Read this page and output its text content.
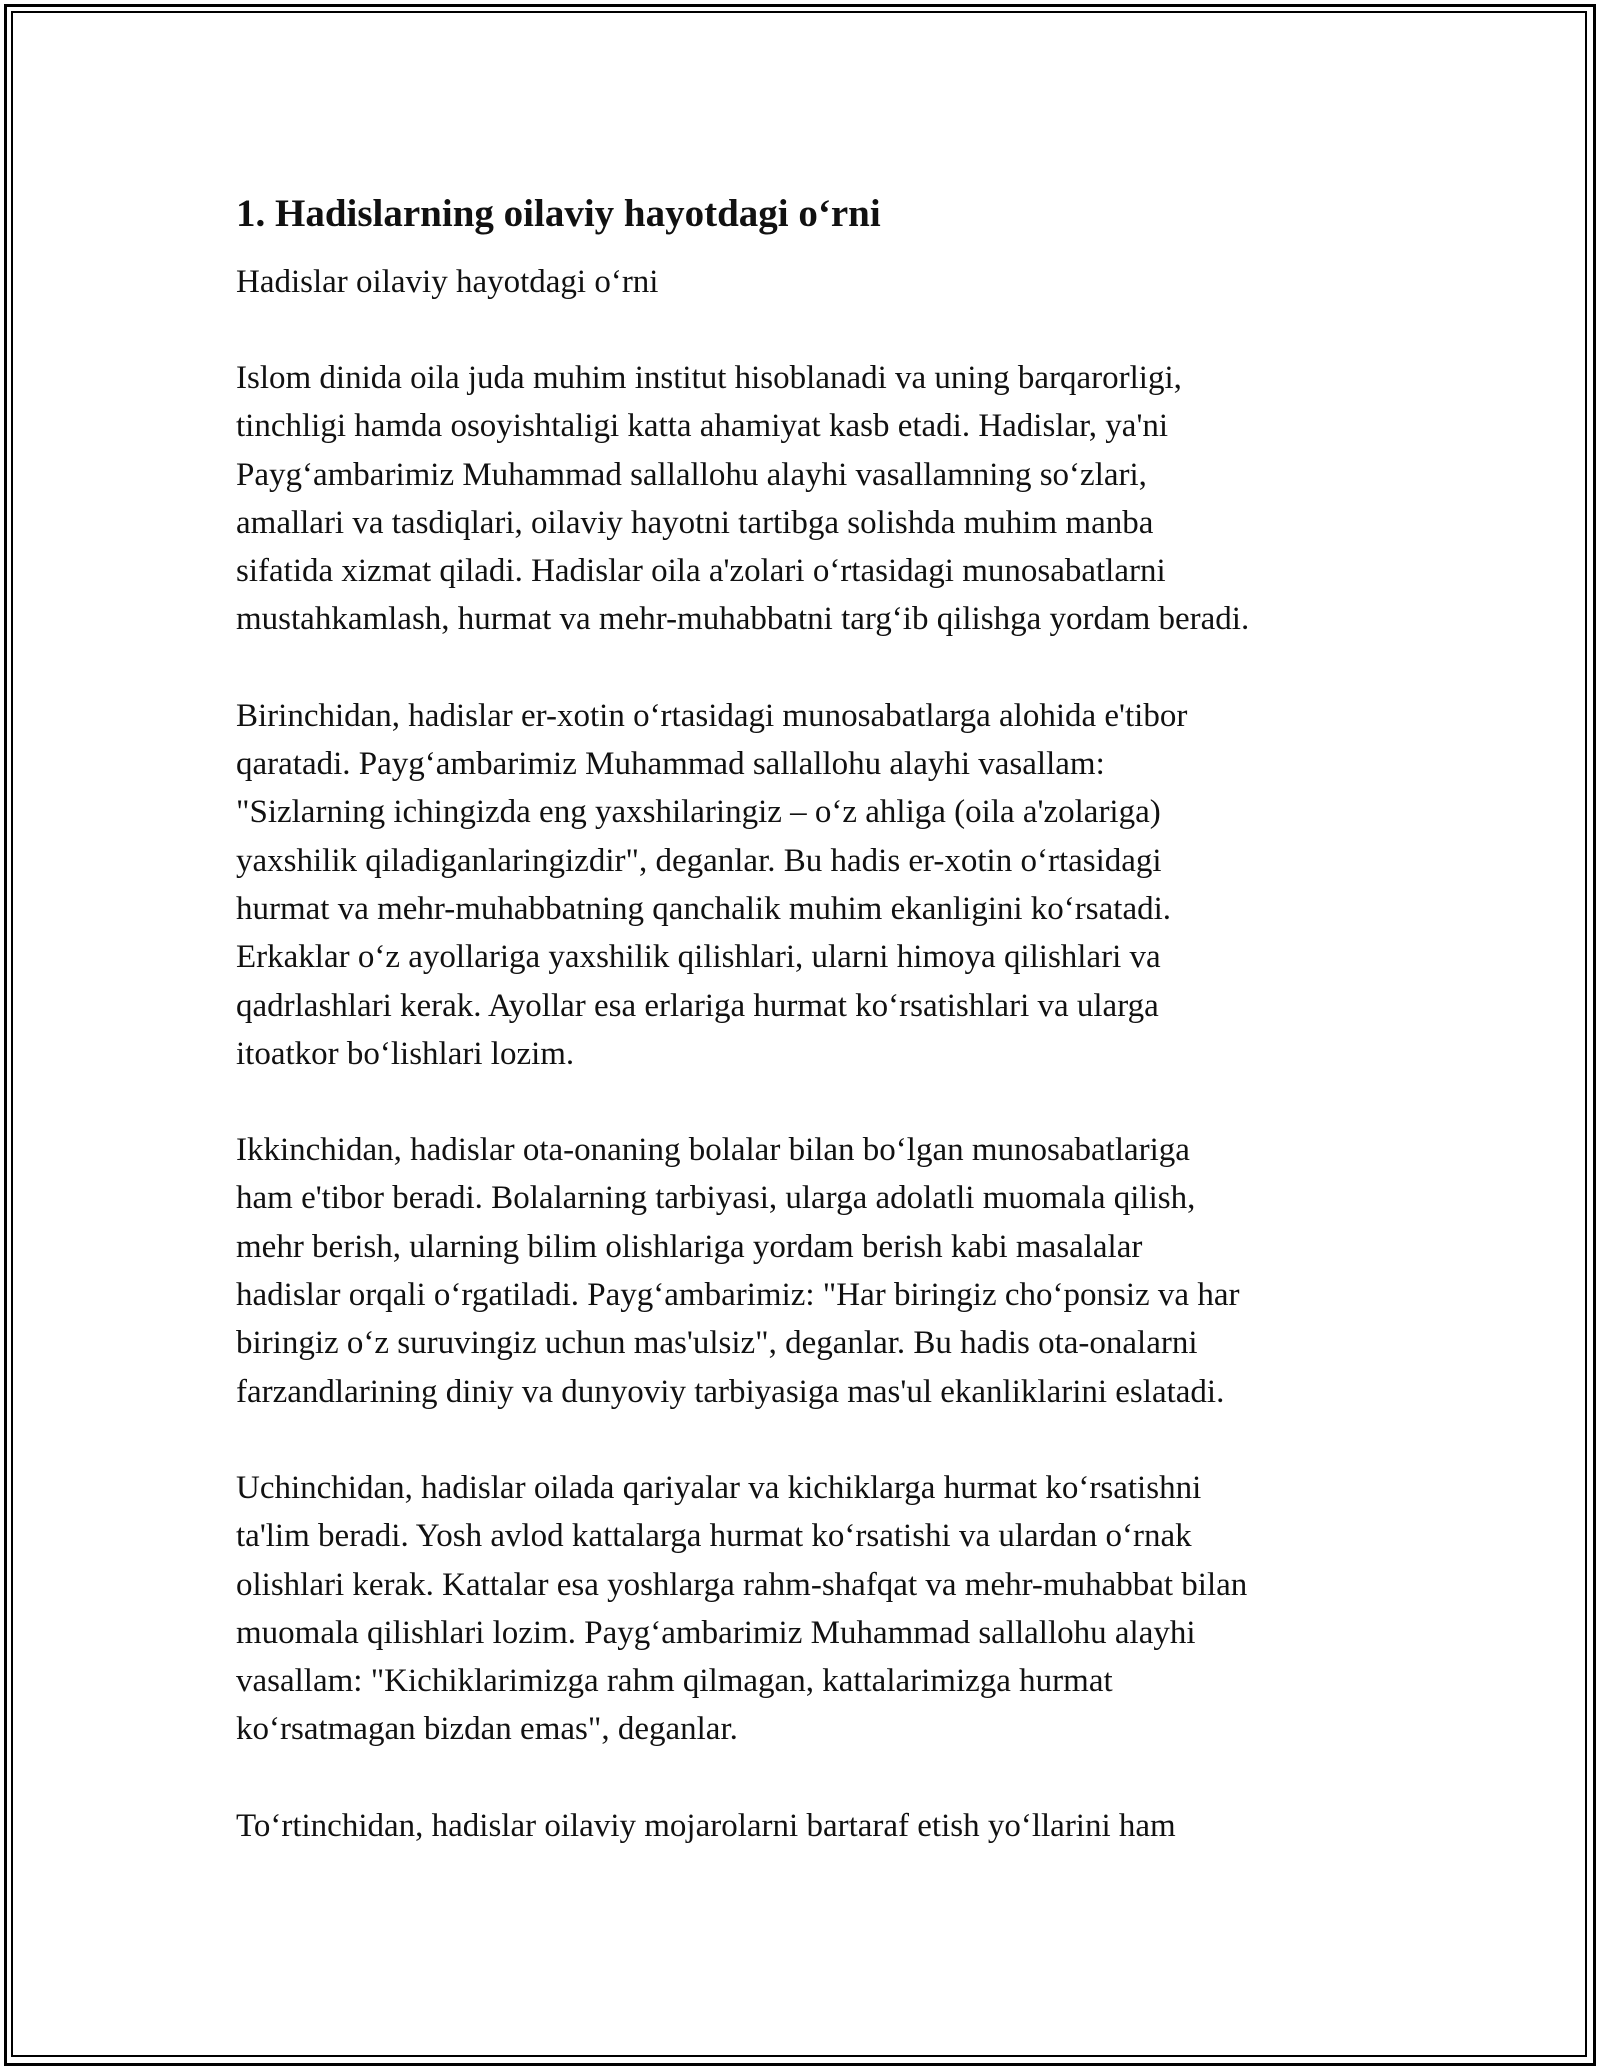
1. Hadislarning oilaviy hayotdagi o‘rni
Hadislar oilaviy hayotdagi o‘rni

Islom dinida oila juda muhim institut hisoblanadi va uning barqarorligi,
tinchligi hamda osoyishtaligi katta ahamiyat kasb etadi. Hadislar, ya'ni
Payg‘ambarimiz Muhammad sallallohu alayhi vasallamning so‘zlari,
amallari va tasdiqlari, oilaviy hayotni tartibga solishda muhim manba
sifatida xizmat qiladi. Hadislar oila a'zolari o‘rtasidagi munosabatlarni
mustahkamlash, hurmat va mehr-muhabbatni targ‘ib qilishga yordam beradi.

Birinchidan, hadislar er-xotin o‘rtasidagi munosabatlarga alohida e'tibor
qaratadi. Payg‘ambarimiz Muhammad sallallohu alayhi vasallam:
"Sizlarning ichingizda eng yaxshilaringiz – o‘z ahliga (oila a'zolariga)
yaxshilik qiladiganlaringizdir", deganlar. Bu hadis er-xotin o‘rtasidagi
hurmat va mehr-muhabbatning qanchalik muhim ekanligini ko‘rsatadi.
Erkaklar o‘z ayollariga yaxshilik qilishlari, ularni himoya qilishlari va
qadrlashlari kerak. Ayollar esa erlariga hurmat ko‘rsatishlari va ularga
itoatkor bo‘lishlari lozim.

Ikkinchidan, hadislar ota-onaning bolalar bilan bo‘lgan munosabatlariga
ham e'tibor beradi. Bolalarning tarbiyasi, ularga adolatli muomala qilish,
mehr berish, ularning bilim olishlariga yordam berish kabi masalalar
hadislar orqali o‘rgatiladi. Payg‘ambarimiz: "Har biringiz cho‘ponsiz va har
biringiz o‘z suruvingiz uchun mas'ulsiz", deganlar. Bu hadis ota-onalarni
farzandlarining diniy va dunyoviy tarbiyasiga mas'ul ekanliklarini eslatadi.

Uchinchidan, hadislar oilada qariyalar va kichiklarga hurmat ko‘rsatishni
ta'lim beradi. Yosh avlod kattalarga hurmat ko‘rsatishi va ulardan o‘rnak
olishlari kerak. Kattalar esa yoshlarga rahm-shafqat va mehr-muhabbat bilan
muomala qilishlari lozim. Payg‘ambarimiz Muhammad sallallohu alayhi
vasallam: "Kichiklarimizga rahm qilmagan, kattalarimizga hurmat
ko‘rsatmagan bizdan emas", deganlar.

To‘rtinchidan, hadislar oilaviy mojarolarni bartaraf etish yo‘llarini ham
